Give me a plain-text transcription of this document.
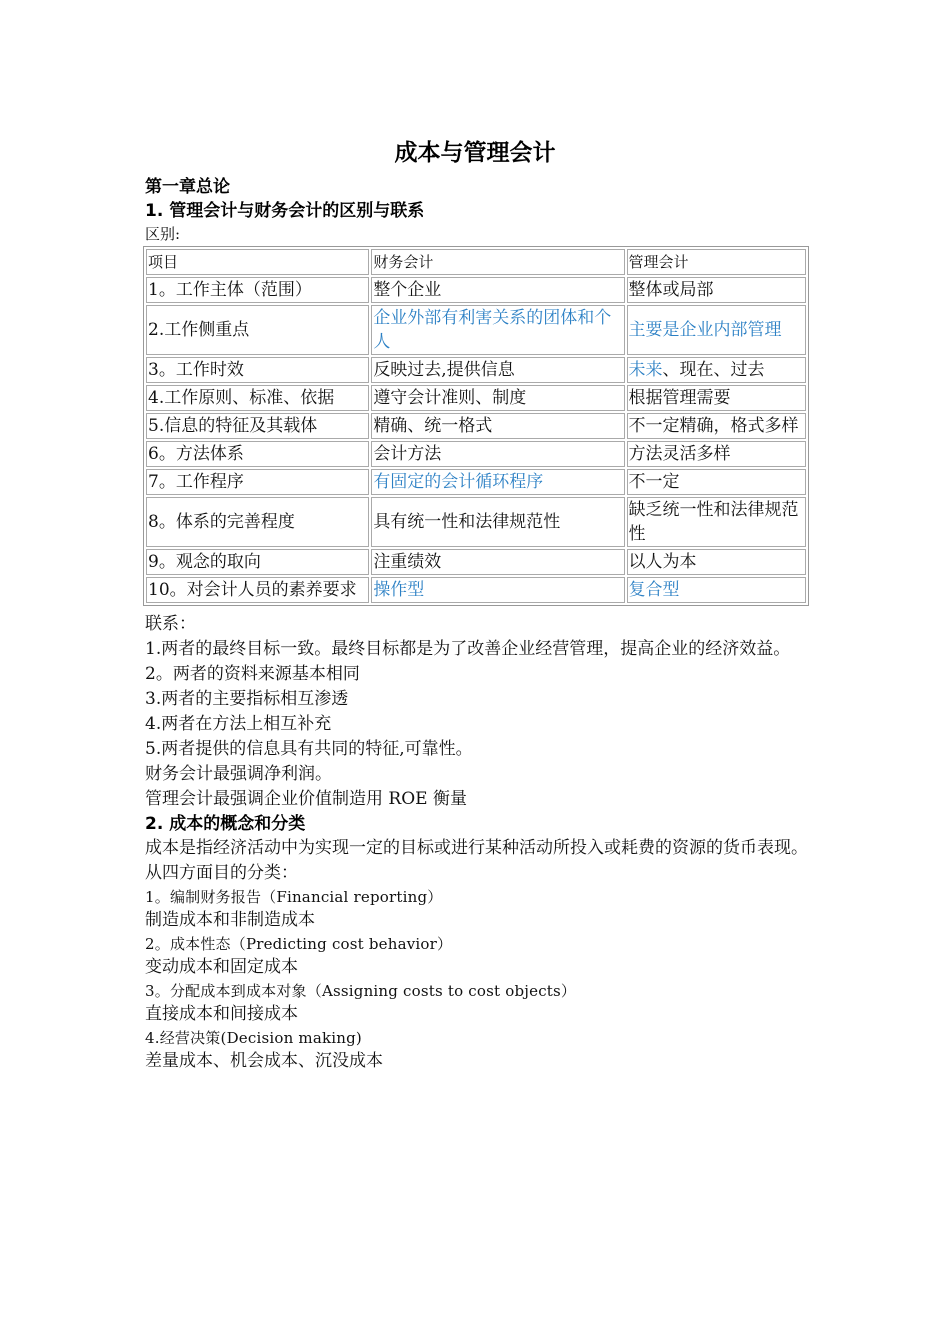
成本与管理会计
第一章总论
1. 管理会计与财务会计的区别与联系
区别:
项目	财务会计	管理会计
1。工作主体（范围）	整个企业	整体或局部
2.工作侧重点	企业外部有利害关系的团体和个人	主要是企业内部管理
3。工作时效	反映过去,提供信息	未来、现在、过去
4.工作原则、标准、依据	遵守会计准则、制度	根据管理需要
5.信息的特征及其载体	精确、统一格式	不一定精确，格式多样
6。方法体系	会计方法	方法灵活多样
7。工作程序	有固定的会计循环程序	不一定
8。体系的完善程度	具有统一性和法律规范性	缺乏统一性和法律规范性
9。观念的取向	注重绩效	以人为本
10。对会计人员的素养要求	操作型	复合型
联系：
1.两者的最终目标一致。最终目标都是为了改善企业经营管理，提高企业的经济效益。
2。两者的资料来源基本相同
3.两者的主要指标相互渗透
4.两者在方法上相互补充
5.两者提供的信息具有共同的特征,可靠性。
财务会计最强调净利润。
管理会计最强调企业价值制造用 ROE 衡量
2. 成本的概念和分类
成本是指经济活动中为实现一定的目标或进行某种活动所投入或耗费的资源的货币表现。
从四方面目的分类：
1。编制财务报告（Financial reporting）
制造成本和非制造成本
2。成本性态（Predicting cost behavior）
变动成本和固定成本
3。分配成本到成本对象（Assigning costs to cost objects）
直接成本和间接成本
4.经营决策(Decision making)
差量成本、机会成本、沉没成本
